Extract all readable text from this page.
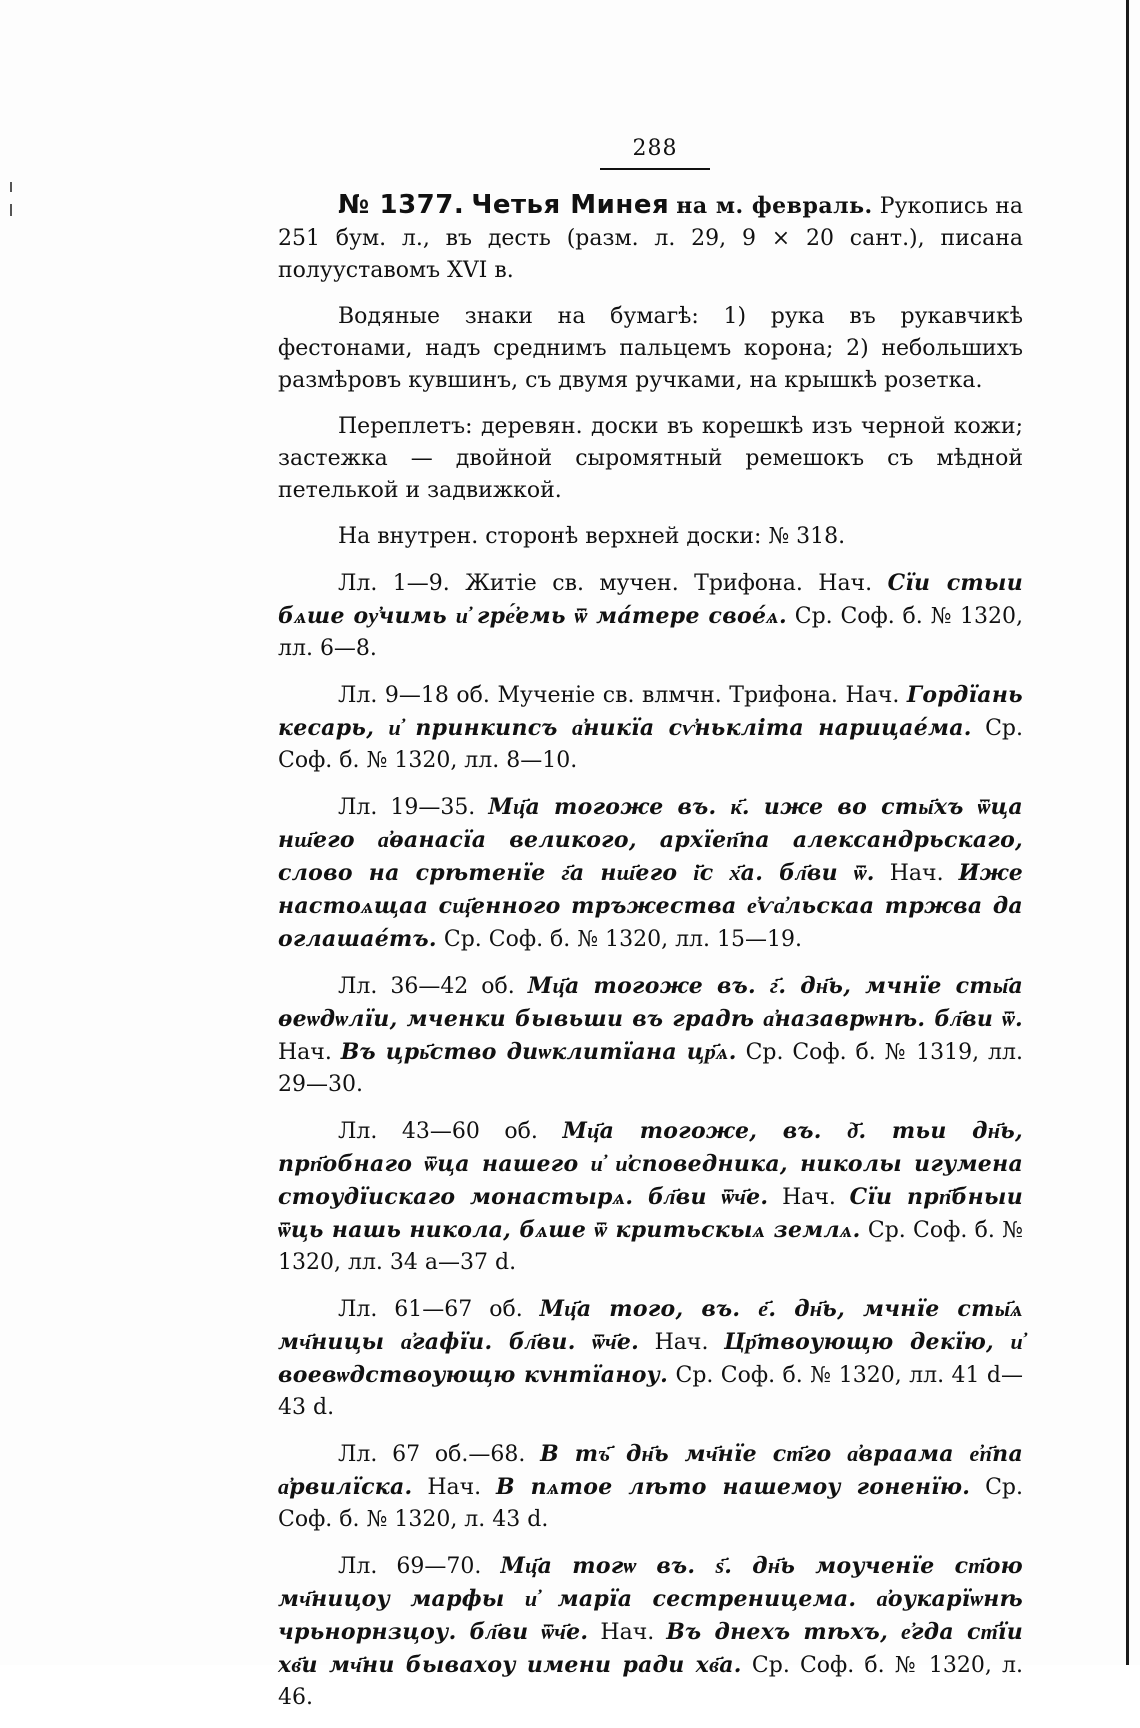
288

№ 1377. Четья Минея на м. февраль. Рукопись на 251 бум. л., въ десть (разм. л. 29, 9 × 20 сант.), писана полууставомъ XVI в.

Водяные знаки на бумагѣ: 1) рука въ рукавчикѣ фестонами, надъ среднимъ пальцемъ корона; 2) небольшихъ размѣровъ кувшинъ, съ двумя ручками, на крышкѣ розетка.

Переплетъ: деревян. доски въ корешкѣ изъ черной кожи; застежка — двойной сыромятный ремешокъ съ мѣдной петелькой и задвижкой.

На внутрен. сторонѣ верхней доски: № 318.

Лл. 1—9. Житіе св. мучен. Трифона. Нач. Сїи стыи бѧше оу҆чимь и҆ гре҆́емь ѿ ма́тере свое́ѧ. Ср. Соф. б. № 1320, лл. 6—8.

Лл. 9—18 об. Мученіе св. влмчн. Трифона. Нач. Гордїань кесарь, и҆ принкипсъ а҆никїа сѵ҆нькліта нарицае́ма. Ср. Соф. б. № 1320, лл. 8—10.

Лл. 19—35. Мц҃а тогоже въ. к҃. иже во сты҃хъ ѿца нш҃его а҆ѳанасїа великого, архїеп҃па александрьскаго, слово на срѣтенїе г҃а нш҃его і҃с х҃а. бл҃ви ѿ. Нач. Иже настоѧщаа сщ҃енного тръжества е҆ѵа҆льскаа тржва да оглашае́тъ. Ср. Соф. б. № 1320, лл. 15—19.

Лл. 36—42 об. Мц҃а тогоже въ. г҃. дн҃ь, мчнїе сты҃а ѳеѡдѡлїи, мченки бывьши въ градѣ а҆назаврѡнѣ. бл҃ви ѿ. Нач. Въ црь҃ство диѡклитїана цр҃ѧ. Ср. Соф. б. № 1319, лл. 29—30.

Лл. 43—60 об. Мц҃а тогоже, въ. д҃. тьи дн҃ь, прп҃обнаго ѿца нашего и҆ и҆споведника, никoлы игумена стоудїискаго монастырѧ. бл҃ви ѿч҃е. Нач. Сїи прп҃бныи ѿць нашь никола, бѧше ѿ критьскыѧ землѧ. Ср. Соф. б. № 1320, лл. 34 а—37 d.

Лл. 61—67 об. Мц҃а того, въ. е҃. дн҃ь, мчнїе сты҃ѧ мч҃ницы а҆гафїи. бл҃ви. ѿч҃е. Нач. Цр҃твоующю декїю, и҆ воевѡдствоующю кvнтїаноу. Ср. Соф. б. № 1320, лл. 41 d—43 d.

Лл. 67 об.—68. В тъ҃ дн҃ь мч҃нїе ст҃го а҆враама е҆п҃па а҆рвилїска. Нач. В пѧтое лѣто нашемоу гоненїю. Ср. Соф. б. № 1320, л. 43 d.

Лл. 69—70. Мц҃а тогѡ въ. ѕ҃. дн҃ь моученїе ст҃ою мч҃ницоу марфы и҆ марїа сестреницема. а҆оукарїѡнѣ чрьнорнзцоу. бл҃ви ѿч҃е. Нач. Въ днехъ тѣхъ, е҆гда ст҃їи хв҃и мч҃ни бывахоу имени ради хв҃а. Ср. Соф. б. № 1320, л. 46.
